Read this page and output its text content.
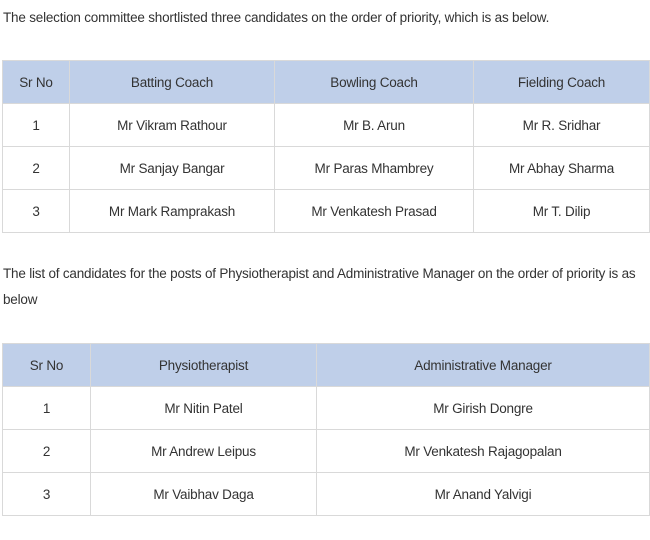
The selection committee shortlisted three candidates on the order of priority, which is as below.

Sr No	Batting Coach	Bowling Coach	Fielding Coach
1	Mr Vikram Rathour	Mr B. Arun	Mr R. Sridhar
2	Mr Sanjay Bangar	Mr Paras Mhambrey	Mr Abhay Sharma
3	Mr Mark Ramprakash	Mr Venkatesh Prasad	Mr T. Dilip

The list of candidates for the posts of Physiotherapist and Administrative Manager on the order of priority is as below

Sr No	Physiotherapist	Administrative Manager
1	Mr Nitin Patel	Mr Girish Dongre
2	Mr Andrew Leipus	Mr Venkatesh Rajagopalan
3	Mr Vaibhav Daga	Mr Anand Yalvigi
